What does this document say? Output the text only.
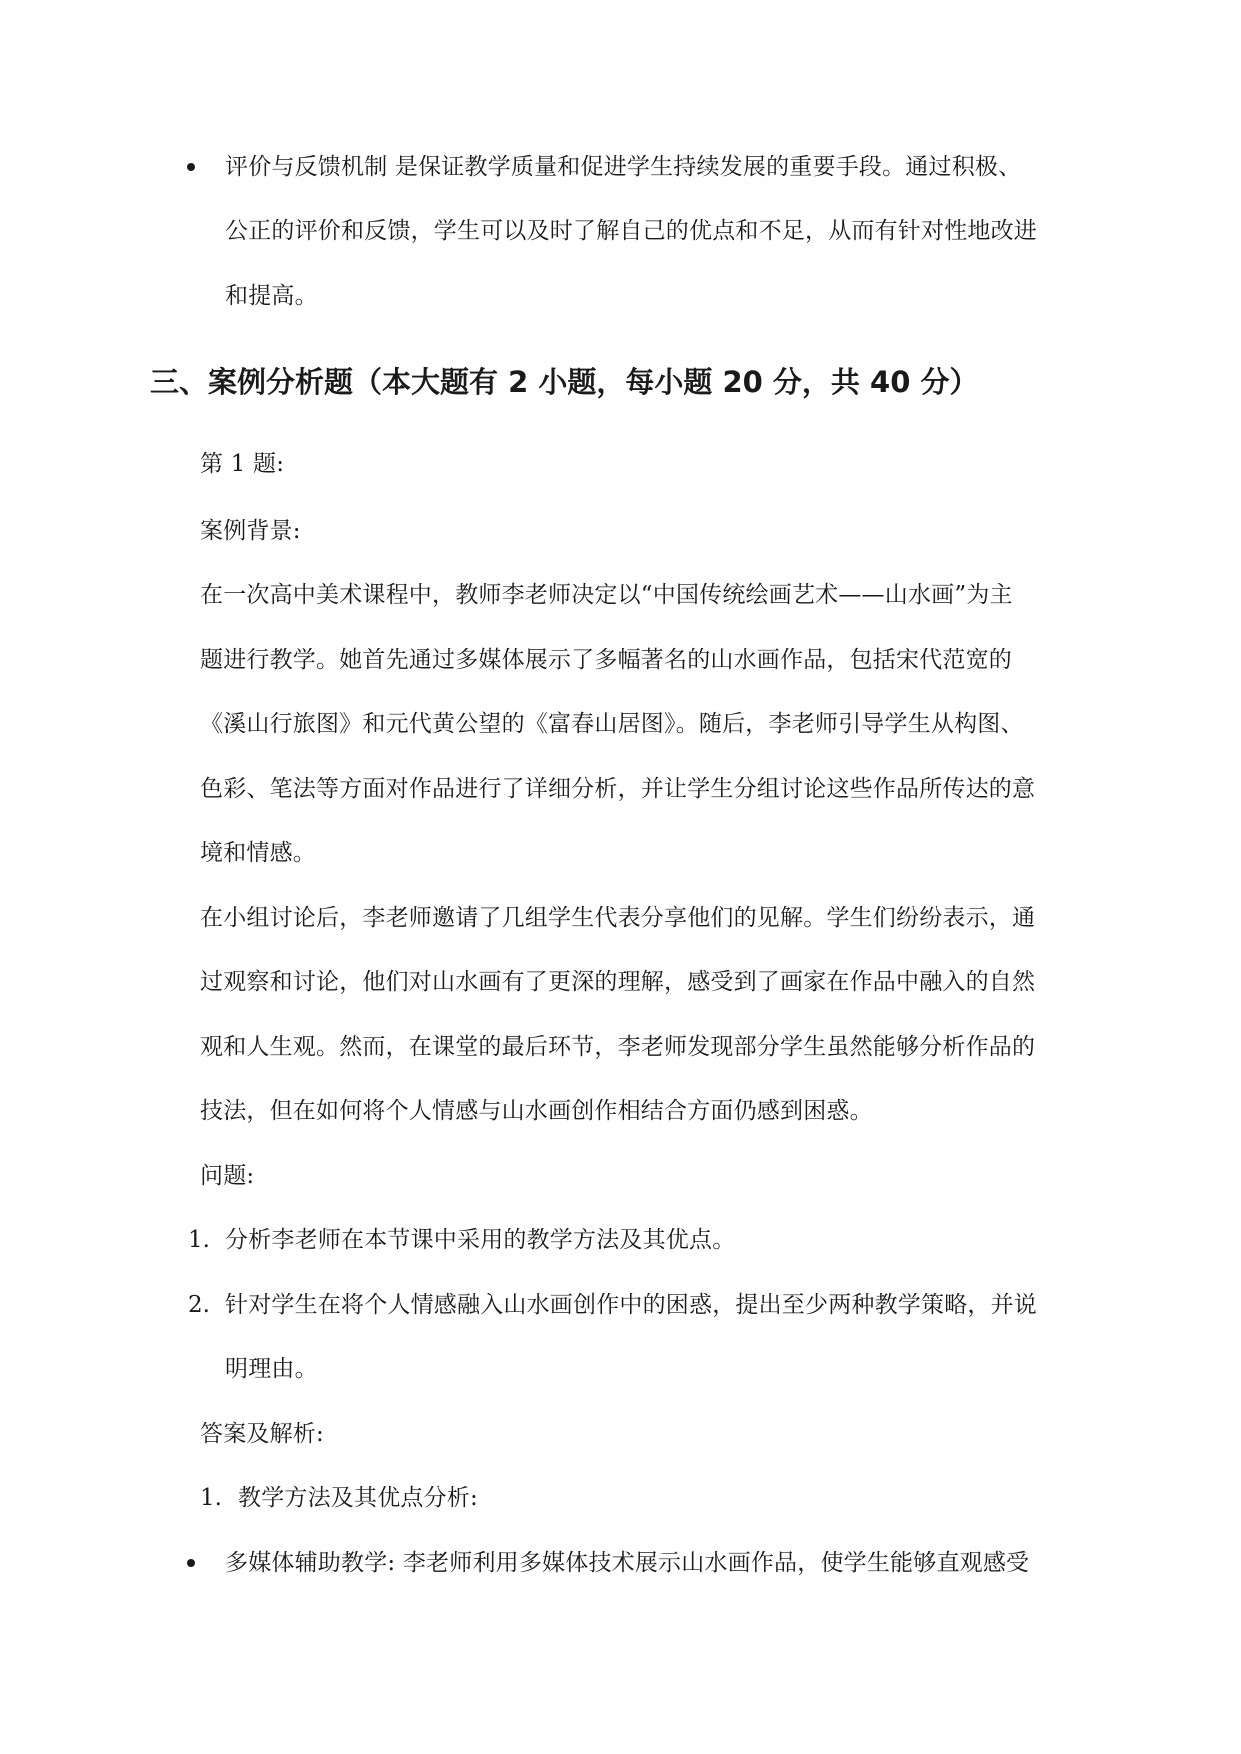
评价与反馈机制 是保证教学质量和促进学生持续发展的重要手段。通过积极、
公正的评价和反馈，学生可以及时了解自己的优点和不足，从而有针对性地改进
和提高。
三、案例分析题（本大题有 2 小题，每小题 20 分，共 40 分）
第 1 题:
案例背景:
在一次高中美术课程中，教师李老师决定以“中国传统绘画艺术——山水画”为主
题进行教学。她首先通过多媒体展示了多幅著名的山水画作品，包括宋代范宽的
《溪山行旅图》和元代黄公望的《富春山居图》。随后，李老师引导学生从构图、
色彩、笔法等方面对作品进行了详细分析，并让学生分组讨论这些作品所传达的意
境和情感。
在小组讨论后，李老师邀请了几组学生代表分享他们的见解。学生们纷纷表示，通
过观察和讨论，他们对山水画有了更深的理解，感受到了画家在作品中融入的自然
观和人生观。然而，在课堂的最后环节，李老师发现部分学生虽然能够分析作品的
技法，但在如何将个人情感与山水画创作相结合方面仍感到困惑。
问题:
1. 分析李老师在本节课中采用的教学方法及其优点。
2. 针对学生在将个人情感融入山水画创作中的困惑，提出至少两种教学策略，并说
明理由。
答案及解析:
1. 教学方法及其优点分析:
多媒体辅助教学: 李老师利用多媒体技术展示山水画作品，使学生能够直观感受
